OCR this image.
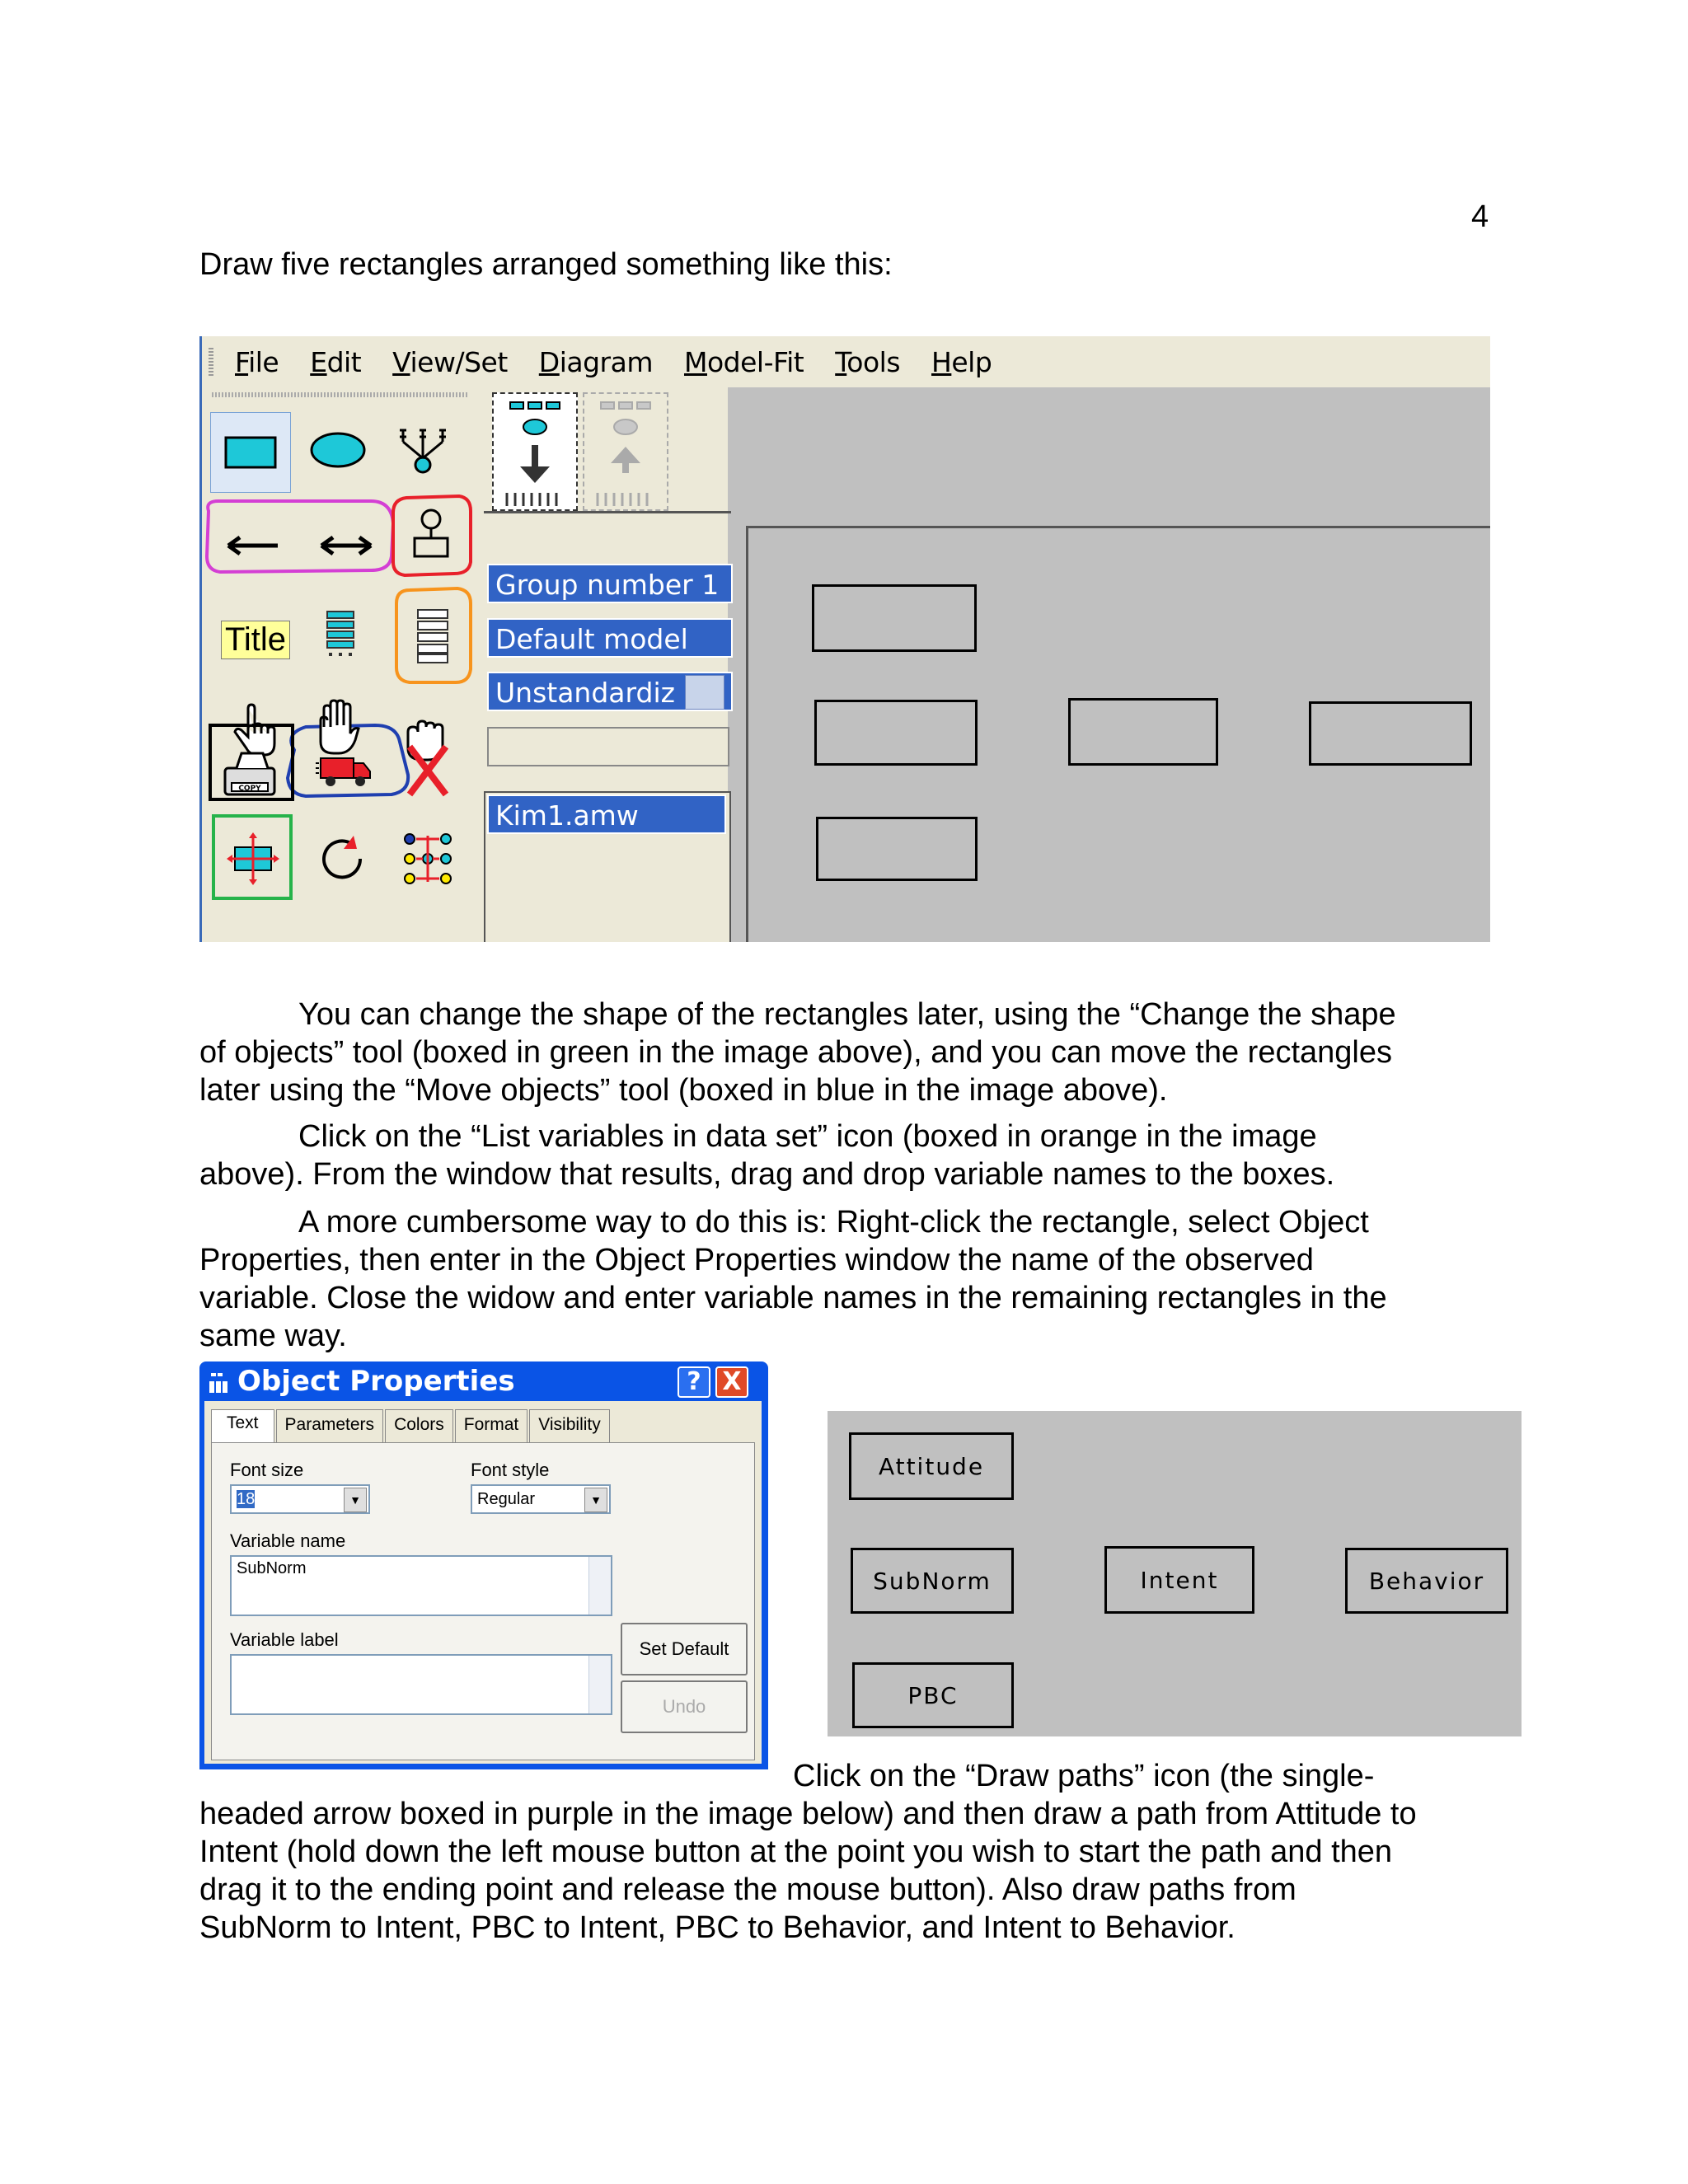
4

Draw five rectangles arranged something like this:

File Edit View/Set Diagram Model-Fit Tools Help
Title
COPY
Group number 1
Default model
Unstandardiz
Kim1.amw
You can change the shape of the rectangles later, using the “Change the shape
of objects” tool (boxed in green in the image above), and you can move the rectangles
later using the “Move objects” tool (boxed in blue in the image above).
Click on the “List variables in data set” icon (boxed in orange in the image
above). From the window that results, drag and drop variable names to the boxes.
A more cumbersome way to do this is: Right-click the rectangle, select Object
Properties, then enter in the Object Properties window the name of the observed
variable. Close the widow and enter variable names in the remaining rectangles in the
same way.
Object Properties	? X
Text	Parameters	Colors	Format	Visibility
Font size
18	▼
Font style
Regular	▼
Variable name
SubNorm
Variable label	Set Default
Undo
Attitude
SubNorm	Intent	Behavior
PBC
Click on the “Draw paths” icon (the single-
headed arrow boxed in purple in the image below) and then draw a path from Attitude to
Intent (hold down the left mouse button at the point you wish to start the path and then
drag it to the ending point and release the mouse button). Also draw paths from
SubNorm to Intent, PBC to Intent, PBC to Behavior, and Intent to Behavior.
